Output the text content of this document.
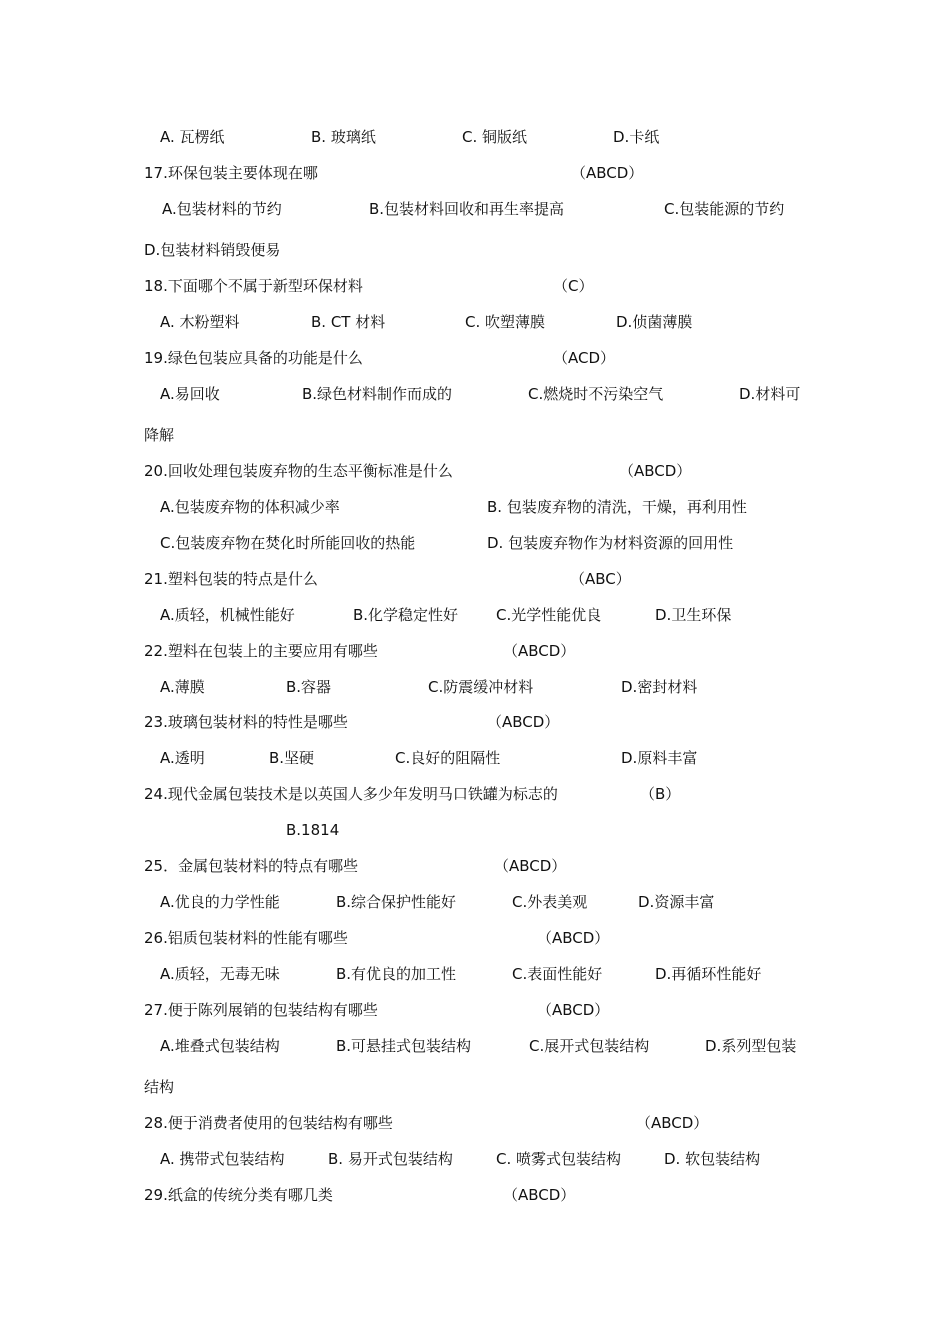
A. 瓦楞纸	B. 玻璃纸	C. 铜版纸	D.卡纸
17.环保包装主要体现在哪	（ABCD）
A.包装材料的节约	B.包装材料回收和再生率提高	C.包装能源的节约
D.包装材料销毁便易
18.下面哪个不属于新型环保材料	（C）
A. 木粉塑料	B. CT 材料	C. 吹塑薄膜	D.侦菌薄膜
19.绿色包装应具备的功能是什么	（ACD）
A.易回收	B.绿色材料制作而成的	C.燃烧时不污染空气	D.材料可
降解
20.回收处理包装废弃物的生态平衡标准是什么	（ABCD）
A.包装废弃物的体积减少率	B. 包装废弃物的清洗，干燥，再利用性
C.包装废弃物在焚化时所能回收的热能	D. 包装废弃物作为材料资源的回用性
21.塑料包装的特点是什么	（ABC）
A.质轻，机械性能好	B.化学稳定性好	C.光学性能优良	D.卫生环保
22.塑料在包装上的主要应用有哪些	（ABCD）
A.薄膜	B.容器	C.防震缓冲材料	D.密封材料
23.玻璃包装材料的特性是哪些	（ABCD）
A.透明	B.坚硬	C.良好的阻隔性	D.原料丰富
24.现代金属包装技术是以英国人多少年发明马口铁罐为标志的	（B）
B.1814
25．金属包装材料的特点有哪些	（ABCD）
A.优良的力学性能	B.综合保护性能好	C.外表美观	D.资源丰富
26.铝质包装材料的性能有哪些	（ABCD）
A.质轻，无毒无味	B.有优良的加工性	C.表面性能好	D.再循环性能好
27.便于陈列展销的包装结构有哪些	（ABCD）
A.堆叠式包装结构	B.可悬挂式包装结构	C.展开式包装结构	D.系列型包装
结构
28.便于消费者使用的包装结构有哪些	（ABCD）
A. 携带式包装结构	B. 易开式包装结构	C. 喷雾式包装结构	D. 软包装结构
29.纸盒的传统分类有哪几类	（ABCD）
